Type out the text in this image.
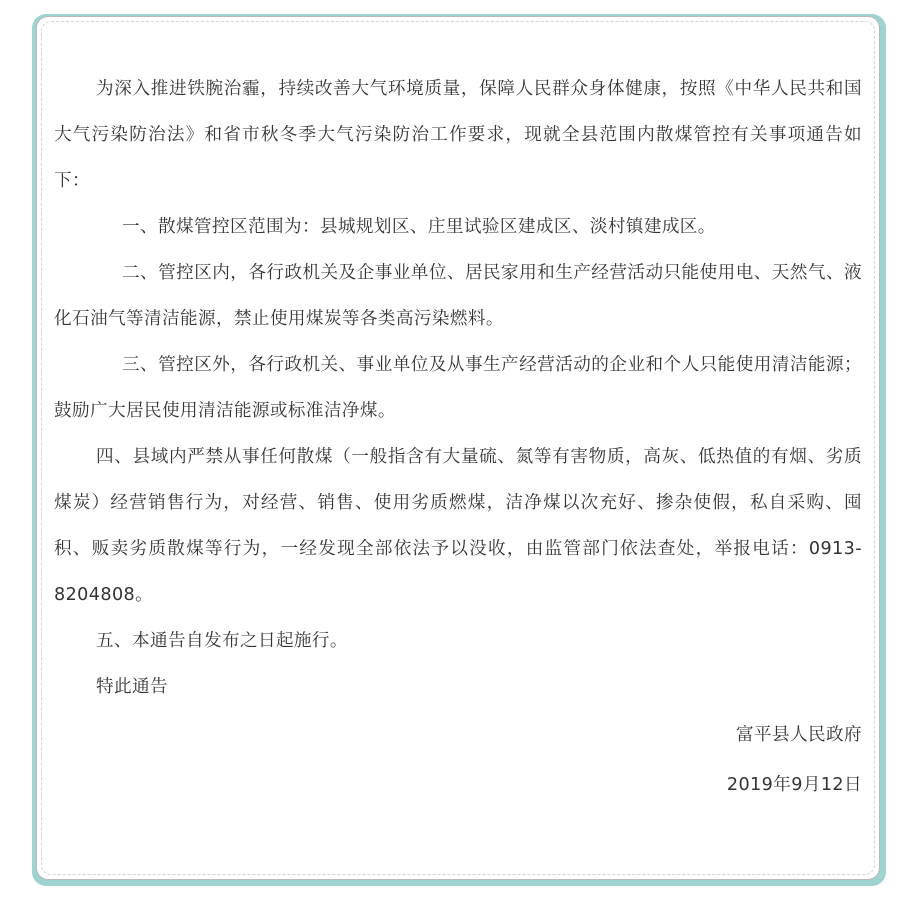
为深入推进铁腕治霾，持续改善大气环境质量，保障人民群众身体健康，按照《中华人民共和国大气污染防治法》和省市秋冬季大气污染防治工作要求，现就全县范围内散煤管控有关事项通告如下：

一、散煤管控区范围为：县城规划区、庄里试验区建成区、淡村镇建成区。

二、管控区内，各行政机关及企事业单位、居民家用和生产经营活动只能使用电、天然气、液化石油气等清洁能源，禁止使用煤炭等各类高污染燃料。

三、管控区外，各行政机关、事业单位及从事生产经营活动的企业和个人只能使用清洁能源；鼓励广大居民使用清洁能源或标准洁净煤。

四、县域内严禁从事任何散煤（一般指含有大量硫、氮等有害物质，高灰、低热值的有烟、劣质煤炭）经营销售行为，对经营、销售、使用劣质燃煤，洁净煤以次充好、掺杂使假，私自采购、囤积、贩卖劣质散煤等行为，一经发现全部依法予以没收，由监管部门依法查处，举报电话：0913-8204808。

五、本通告自发布之日起施行。

特此通告

富平县人民政府

2019年9月12日
